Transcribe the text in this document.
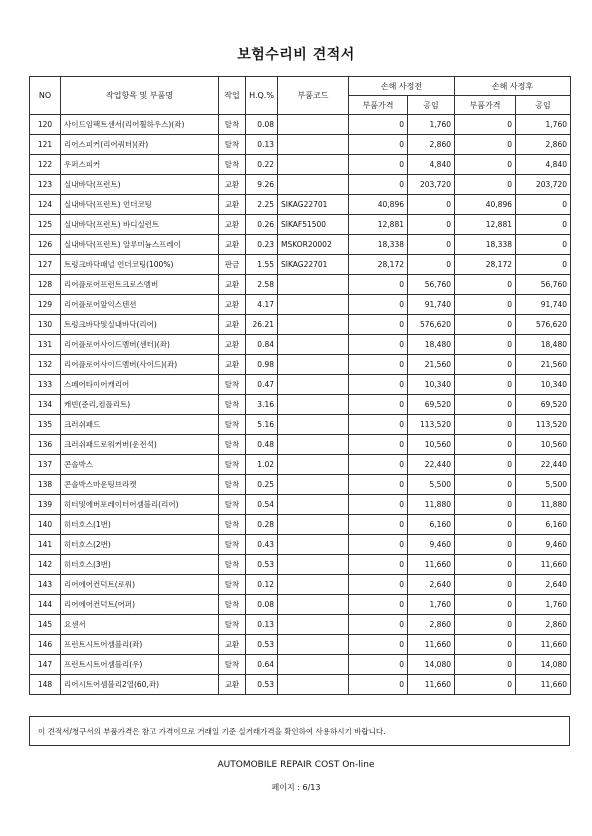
보험수리비 견적서
NO	작업항목 및 부품명	작업	H.Q.%	부품코드	손해 사정전		손해 사정후	
					부품가격	공임	부품가격	공임
120	사이드임팩트센서(리어휠하우스)(좌)	탈착	0.08		0	1,760	0	1,760
121	리어스피커(리어쿼터)(좌)	탈착	0.13		0	2,860	0	2,860
122	우퍼스피커	탈착	0.22		0	4,840	0	4,840
123	실내바닥(프런트)	교환	9.26		0	203,720	0	203,720
124	실내바닥(프런트) 언더코팅	교환	2.25	SIKAG22701	40,896	0	40,896	0
125	실내바닥(프런트) 바디실런트	교환	0.26	SIKAF51500	12,881	0	12,881	0
126	실내바닥(프런트) 알루미늄스프레이	교환	0.23	MSKOR20002	18,338	0	18,338	0
127	트렁크바닥패널 언더코팅(100%)	판금	1.55	SIKAG22701	28,172	0	28,172	0
128	리어플로어프런트크로스멤버	교환	2.58		0	56,760	0	56,760
129	리어플로어앞익스텐션	교환	4.17		0	91,740	0	91,740
130	트렁크바닥및실내바닥(리어)	교환	26.21		0	576,620	0	576,620
131	리어플로어사이드멤버(센터)(좌)	교환	0.84		0	18,480	0	18,480
132	리어플로어사이드멤버(사이드)(좌)	교환	0.98		0	21,560	0	21,560
133	스페어타이어캐리어	탈착	0.47		0	10,340	0	10,340
134	캐빈(준리,컴플리트)	탈착	3.16		0	69,520	0	69,520
135	크러쉬패드	탈착	5.16		0	113,520	0	113,520
136	크러쉬패드로워커버(운전석)	탈착	0.48		0	10,560	0	10,560
137	콘솔박스	탈착	1.02		0	22,440	0	22,440
138	콘솔박스마운팅브라켓	탈착	0.25		0	5,500	0	5,500
139	히터및에버포레이터어셈블리(리어)	탈착	0.54		0	11,880	0	11,880
140	히터호스(1번)	탈착	0.28		0	6,160	0	6,160
141	히터호스(2번)	탈착	0.43		0	9,460	0	9,460
142	히터호스(3번)	탈착	0.53		0	11,660	0	11,660
143	리어에어컨덕트(로워)	탈착	0.12		0	2,640	0	2,640
144	리어에어컨덕트(어퍼)	탈착	0.08		0	1,760	0	1,760
145	요센서	탈착	0.13		0	2,860	0	2,860
146	프런트시트어셈블리(좌)	교환	0.53		0	11,660	0	11,660
147	프런트시트어셈블리(우)	탈착	0.64		0	14,080	0	14,080
148	리어시트어셈블리2열(60,좌)	교환	0.53		0	11,660	0	11,660
이 견적서/청구서의 부품가격은 참고 가격이므로 거래일 기준 실거래가격을 확인하여 사용하시기 바랍니다.
AUTOMOBILE REPAIR COST On-line
페이지 : 6/13
